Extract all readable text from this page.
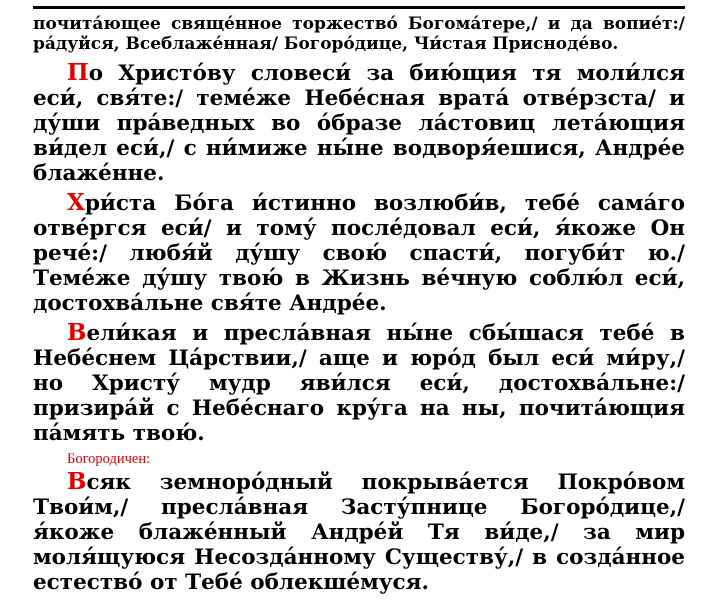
почита́ющее свяще́нное торжество́ Богома́тере,/ и да вопие́т:/ ра́дуйся, Всеблаже́нная/ Богоро́дице, Чи́стая Присноде́во.

По Христо́ву словеси́ за бию́щия тя моли́лся еси́, свя́те:/ теме́же Небе́сная врата́ отве́рзста/ и ду́ши пра́ведных во о́бразе ла́стовиц лета́ющия ви́дел еси́,/ с ни́миже ны́не водворя́ешися, Андре́е блаже́нне.

Хри́ста Бо́га и́стинно возлюби́в, тебе́ сама́го отве́ргся еси́/ и тому́ после́довал еси́, я́коже Он рече́:/ любя́й ду́шу свою́ спасти́, погуби́т ю./ Теме́же ду́шу твою́ в Жизнь ве́чную соблю́л еси́, достохва́льне свя́те Андре́е.

Вели́кая и пресла́вная ны́не сбы́шася тебе́ в Небе́снем Ца́рствии,/ аще и юро́д был еси́ ми́ру,/ но Христу́ мудр яви́лся еси́, достохва́льне:/ призира́й с Небе́снаго кру́га на ны, почита́ющия па́мять твою́.

Богородичен:

Всяк земноро́дный покрыва́ется Покро́вом Твои́м,/ пресла́вная Засту́пнице Богоро́дице,/ я́коже блаже́нный Андре́й Тя ви́де,/ за мир моля́щуюся Несозда́нному Существу́,/ в созда́нное естество́ от Тебе́ облекше́муся.
